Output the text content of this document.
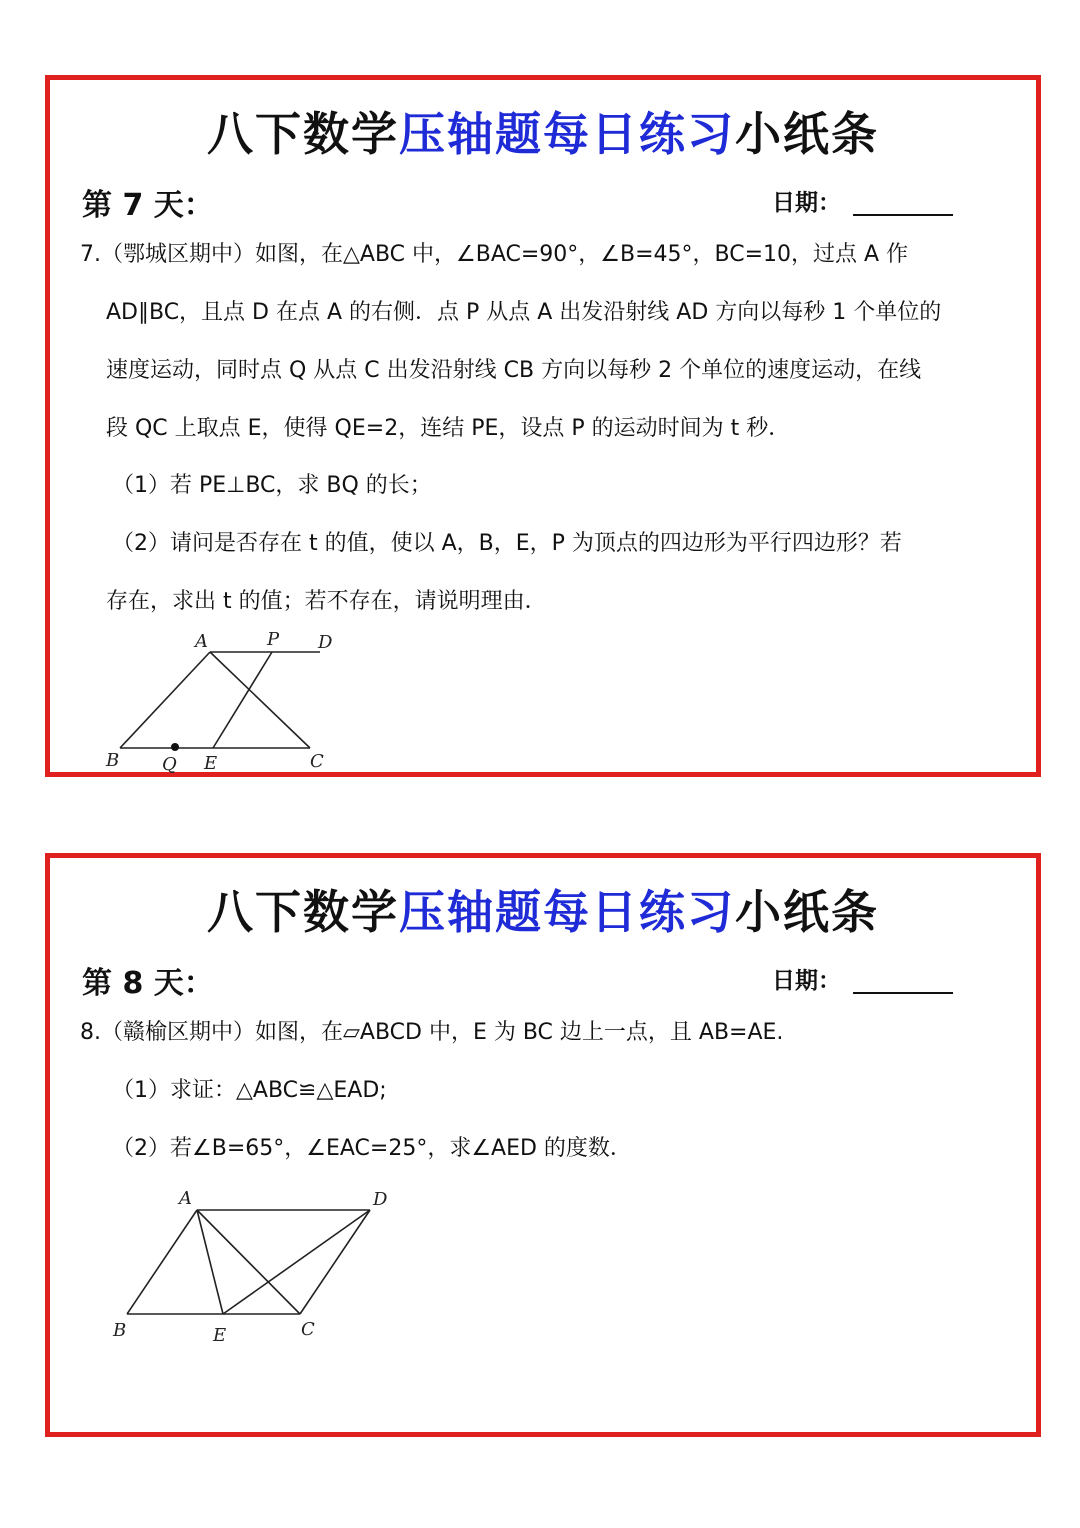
八下数学压轴题每日练习小纸条
第 7 天：	日期：
7.（鄂城区期中）如图，在△ABC 中，∠BAC=90°，∠B=45°，BC=10，过点 A 作
AD∥BC，且点 D 在点 A 的右侧．点 P 从点 A 出发沿射线 AD 方向以每秒 1 个单位的
速度运动，同时点 Q 从点 C 出发沿射线 CB 方向以每秒 2 个单位的速度运动，在线
段 QC 上取点 E，使得 QE=2，连结 PE，设点 P 的运动时间为 t 秒．
（1）若 PE⊥BC，求 BQ 的长；
（2）请问是否存在 t 的值，使以 A，B，E，P 为顶点的四边形为平行四边形？若
存在，求出 t 的值；若不存在，请说明理由．
A	P D
B Q E	C
八下数学压轴题每日练习小纸条
第 8 天：	日期：
8.（赣榆区期中）如图，在▱ABCD 中，E 为 BC 边上一点，且 AB=AE.
（1）求证：△ABC≌△EAD;
（2）若∠B=65°，∠EAC=25°，求∠AED 的度数．
A	D
B	E	C
